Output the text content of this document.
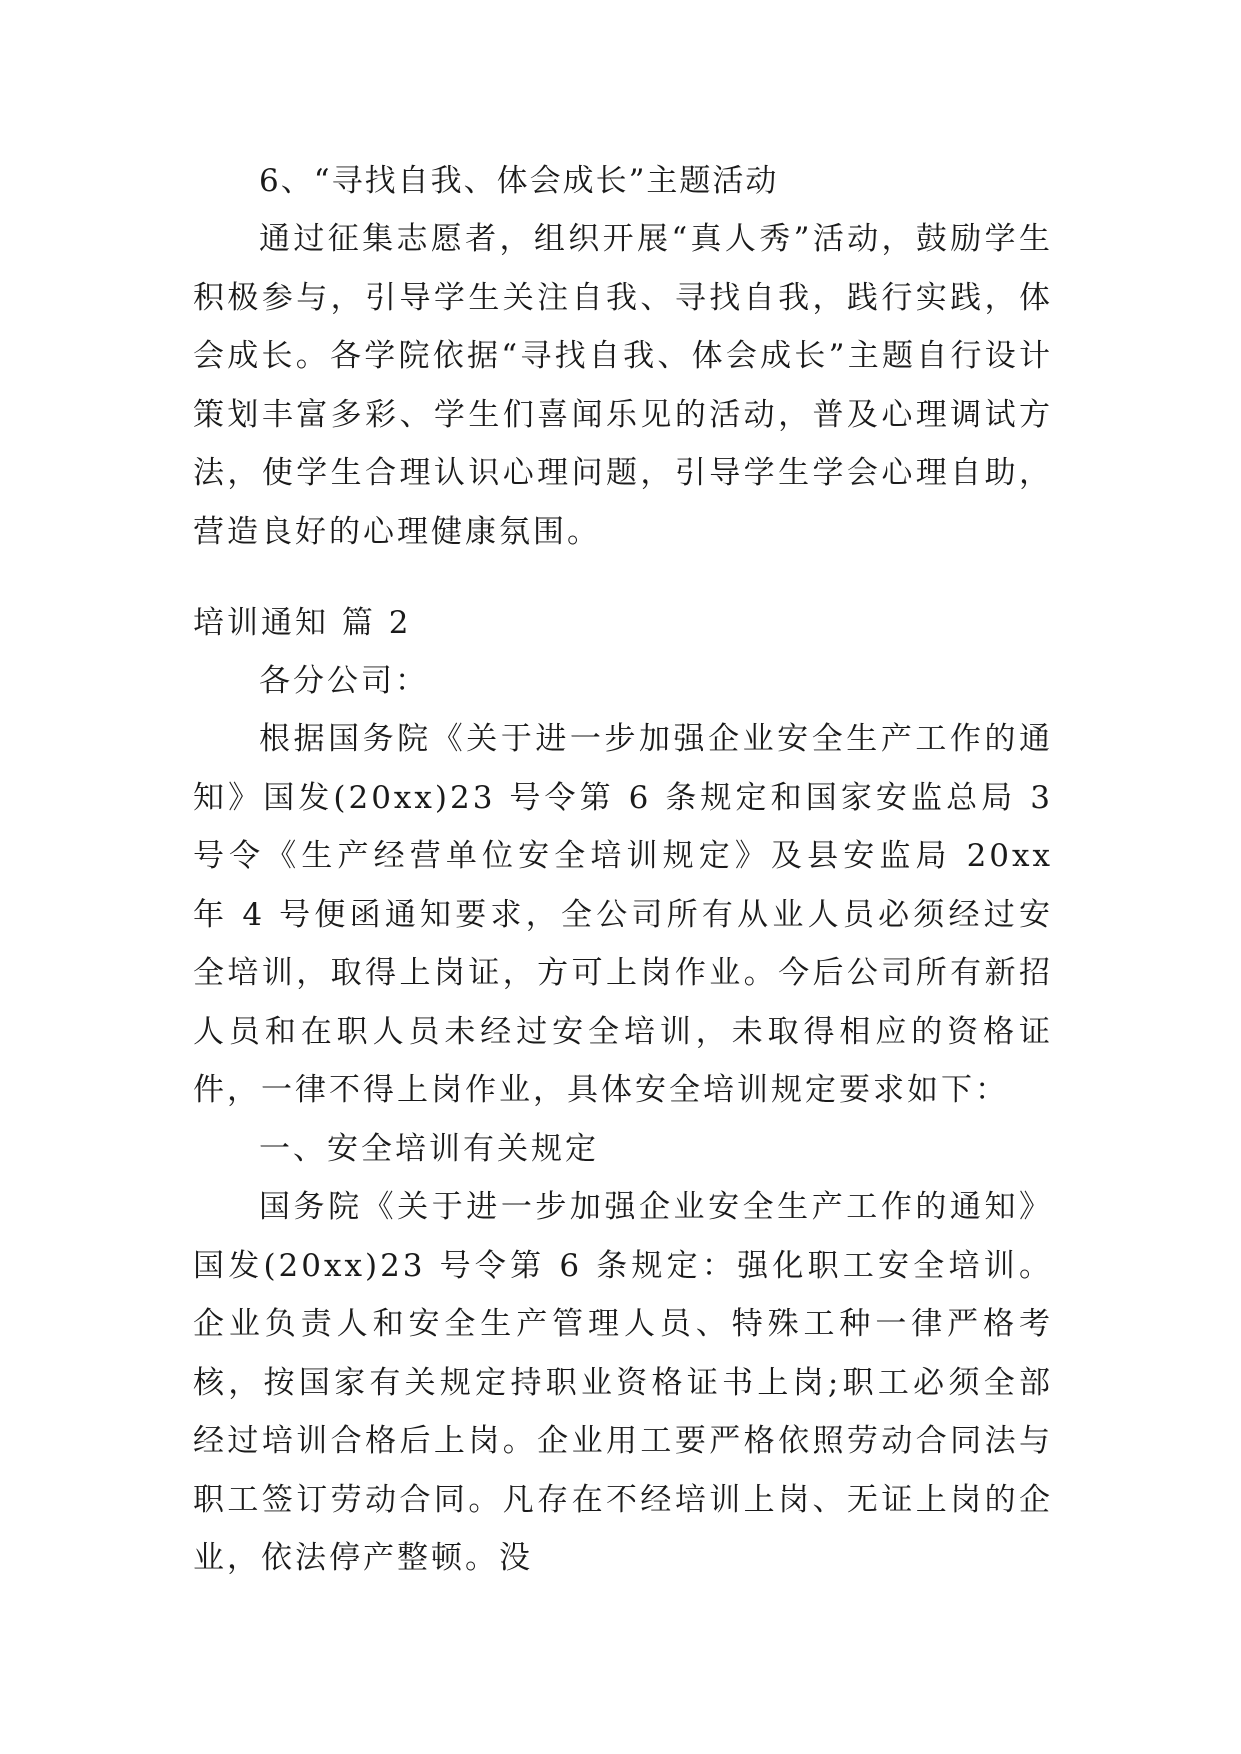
6、“寻找自我、体会成长”主题活动

通过征集志愿者，组织开展“真人秀”活动，鼓励学生积极参与，引导学生关注自我、寻找自我，践行实践，体会成长。各学院依据“寻找自我、体会成长”主题自行设计策划丰富多彩、学生们喜闻乐见的活动，普及心理调试方法，使学生合理认识心理问题，引导学生学会心理自助，营造良好的心理健康氛围。

培训通知 篇 2

各分公司：

根据国务院《关于进一步加强企业安全生产工作的通知》国发(20xx)23 号令第 6 条规定和国家安监总局 3 号令《生产经营单位安全培训规定》及县安监局 20xx 年 4 号便函通知要求，全公司所有从业人员必须经过安全培训，取得上岗证，方可上岗作业。今后公司所有新招人员和在职人员未经过安全培训，未取得相应的资格证件，一律不得上岗作业，具体安全培训规定要求如下：

一、安全培训有关规定

国务院《关于进一步加强企业安全生产工作的通知》国发(20xx)23 号令第 6 条规定：强化职工安全培训。企业负责人和安全生产管理人员、特殊工种一律严格考核，按国家有关规定持职业资格证书上岗;职工必须全部经过培训合格后上岗。企业用工要严格依照劳动合同法与职工签订劳动合同。凡存在不经培训上岗、无证上岗的企业，依法停产整顿。没
